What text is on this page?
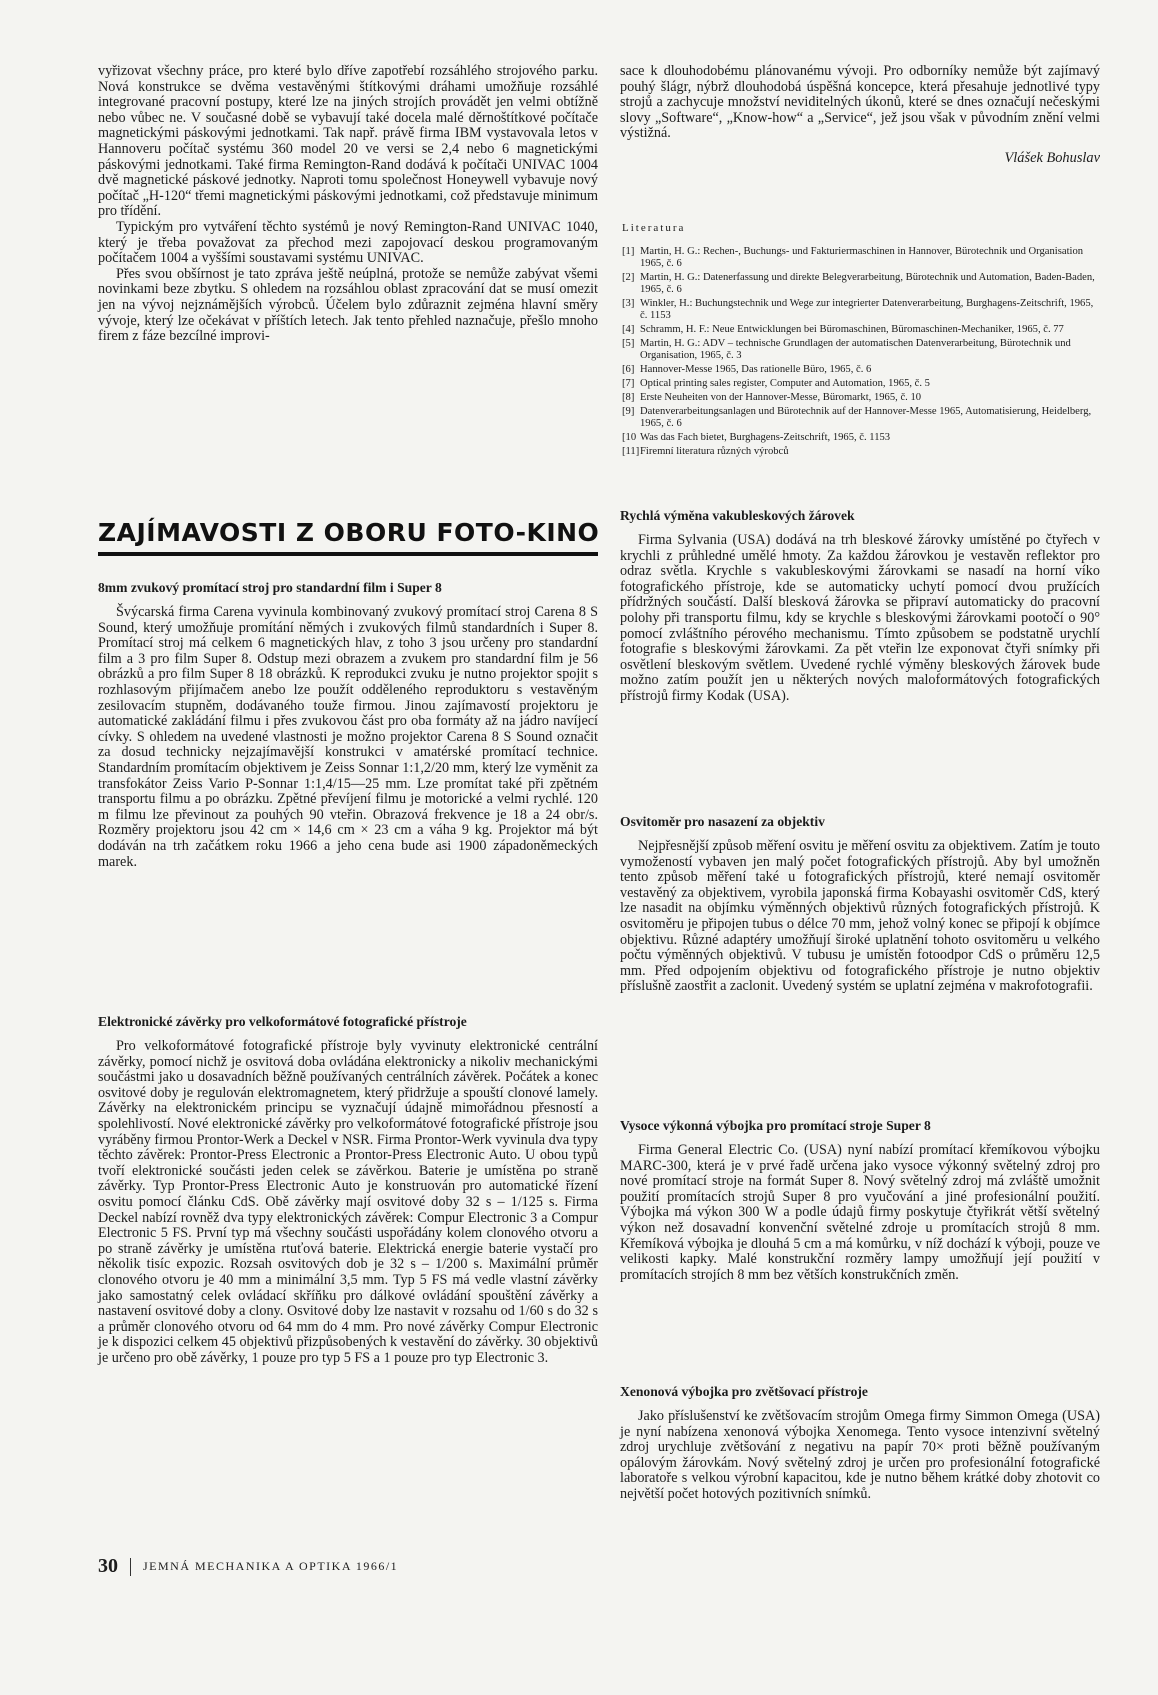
vyřizovat všechny práce, pro které bylo dříve zapotřebí rozsáhlého strojového parku. Nová konstrukce se dvěma vestavěnými štítkovými dráhami umožňuje rozsáhlé integrované pracovní postupy, které lze na jiných strojích provádět jen velmi obtížně nebo vůbec ne. V současné době se vybavují také docela malé děrnoštítkové počítače magnetickými páskovými jednotkami. Tak např. právě firma IBM vystavovala letos v Hannoveru počítač systému 360 model 20 ve versi se 2,4 nebo 6 magnetickými páskovými jednotkami. Také firma Remington-Rand dodává k počítači UNIVAC 1004 dvě magnetické páskové jednotky. Naproti tomu společnost Honeywell vybavuje nový počítač „H-120“ třemi magnetickými páskovými jednotkami, což představuje minimum pro třídění.

Typickým pro vytváření těchto systémů je nový Remington-Rand UNIVAC 1040, který je třeba považovat za přechod mezi zapojovací deskou programovaným počítačem 1004 a vyššími soustavami systému UNIVAC.

Přes svou obšírnost je tato zpráva ještě neúplná, protože se nemůže zabývat všemi novinkami beze zbytku. S ohledem na rozsáhlou oblast zpracování dat se musí omezit jen na vývoj nejznámějších výrobců. Účelem bylo zdůraznit zejména hlavní směry vývoje, který lze očekávat v příštích letech. Jak tento přehled naznačuje, přešlo mnoho firem z fáze bezcílné improvi-

ZAJÍMAVOSTI Z OBORU FOTO-KINO
8mm zvukový promítací stroj pro standardní film i Super 8

Švýcarská firma Carena vyvinula kombinovaný zvukový promítací stroj Carena 8 S Sound, který umožňuje promítání němých i zvukových filmů standardních i Super 8. Promítací stroj má celkem 6 magnetických hlav, z toho 3 jsou určeny pro standardní film a 3 pro film Super 8. Odstup mezi obrazem a zvukem pro standardní film je 56 obrázků a pro film Super 8 18 obrázků. K reprodukci zvuku je nutno projektor spojit s rozhlasovým přijímačem anebo lze použít odděleného reproduktoru s vestavěným zesilovacím stupněm, dodávaného touže firmou. Jinou zajímavostí projektoru je automatické zakládání filmu i přes zvukovou část pro oba formáty až na jádro navíjecí cívky. S ohledem na uvedené vlastnosti je možno projektor Carena 8 S Sound označit za dosud technicky nejzajímavější konstrukci v amatérské promítací technice. Standardním promítacím objektivem je Zeiss Sonnar 1:1,2/20 mm, který lze vyměnit za transfokátor Zeiss Vario P-Sonnar 1:1,4/15—25 mm. Lze promítat také při zpětném transportu filmu a po obrázku. Zpětné převíjení filmu je motorické a velmi rychlé. 120 m filmu lze převinout za pouhých 90 vteřin. Obrazová frekvence je 18 a 24 obr/s. Rozměry projektoru jsou 42 cm × 14,6 cm × 23 cm a váha 9 kg. Projektor má být dodáván na trh začátkem roku 1966 a jeho cena bude asi 1900 západoněmeckých marek.

Elektronické závěrky pro velkoformátové fotografické přístroje

Pro velkoformátové fotografické přístroje byly vyvinuty elektronické centrální závěrky, pomocí nichž je osvitová doba ovládána elektronicky a nikoliv mechanickými součástmi jako u dosavadních běžně používaných centrálních závěrek. Počátek a konec osvitové doby je regulován elektromagnetem, který přidržuje a spouští clonové lamely. Závěrky na elektronickém principu se vyznačují údajně mimořádnou přesností a spolehlivostí. Nové elektronické závěrky pro velkoformátové fotografické přístroje jsou vyráběny firmou Prontor-Werk a Deckel v NSR. Firma Prontor-Werk vyvinula dva typy těchto závěrek: Prontor-Press Electronic a Prontor-Press Electronic Auto. U obou typů tvoří elektronické součásti jeden celek se závěrkou. Baterie je umístěna po straně závěrky. Typ Prontor-Press Electronic Auto je konstruován pro automatické řízení osvitu pomocí článku CdS. Obě závěrky mají osvitové doby 32 s – 1/125 s. Firma Deckel nabízí rovněž dva typy elektronických závěrek: Compur Electronic 3 a Compur Electronic 5 FS. První typ má všechny součásti uspořádány kolem clonového otvoru a po straně závěrky je umístěna rtuťová baterie. Elektrická energie baterie vystačí pro několik tisíc expozic. Rozsah osvitových dob je 32 s – 1/200 s. Maximální průměr clonového otvoru je 40 mm a minimální 3,5 mm. Typ 5 FS má vedle vlastní závěrky jako samostatný celek ovládací skříňku pro dálkové ovládání spouštění závěrky a nastavení osvitové doby a clony. Osvitové doby lze nastavit v rozsahu od 1/60 s do 32 s a průměr clonového otvoru od 64 mm do 4 mm. Pro nové závěrky Compur Electronic je k dispozici celkem 45 objektivů přizpůsobených k vestavění do závěrky. 30 objektivů je určeno pro obě závěrky, 1 pouze pro typ 5 FS a 1 pouze pro typ Electronic 3.

sace k dlouhodobému plánovanému vývoji. Pro odborníky nemůže být zajímavý pouhý šlágr, nýbrž dlouhodobá úspěšná koncepce, která přesahuje jednotlivé typy strojů a zachycuje množství neviditelných úkonů, které se dnes označují nečeskými slovy „Software“, „Know-how“ a „Service“, jež jsou však v původním znění velmi výstižná.

Vlášek Bohuslav
Literatura
[1] Martin, H. G.: Rechen-, Buchungs- und Fakturiermaschinen in Hannover, Bürotechnik und Organisation 1965, č. 6
[2] Martin, H. G.: Datenerfassung und direkte Belegverarbeitung, Bürotechnik und Automation, Baden-Baden, 1965, č. 6
[3] Winkler, H.: Buchungstechnik und Wege zur integrierter Datenverarbeitung, Burghagens-Zeitschrift, 1965, č. 1153
[4] Schramm, H. F.: Neue Entwicklungen bei Büromaschinen, Büromaschinen-Mechaniker, 1965, č. 77
[5] Martin, H. G.: ADV – technische Grundlagen der automatischen Datenverarbeitung, Bürotechnik und Organisation, 1965, č. 3
[6] Hannover-Messe 1965, Das rationelle Büro, 1965, č. 6
[7] Optical printing sales register, Computer and Automation, 1965, č. 5
[8] Erste Neuheiten von der Hannover-Messe, Büromarkt, 1965, č. 10
[9] Datenverarbeitungsanlagen und Bürotechnik auf der Hannover-Messe 1965, Automatisierung, Heidelberg, 1965, č. 6
[10 Was das Fach bietet, Burghagens-Zeitschrift, 1965, č. 1153
[11] Firemní literatura různých výrobců
Rychlá výměna vakubleskových žárovek

Firma Sylvania (USA) dodává na trh bleskové žárovky umístěné po čtyřech v krychli z průhledné umělé hmoty. Za každou žárovkou je vestavěn reflektor pro odraz světla. Krychle s vakubleskovými žárovkami se nasadí na horní víko fotografického přístroje, kde se automaticky uchytí pomocí dvou pružících přídržných součástí. Další blesková žárovka se připraví automaticky do pracovní polohy při transportu filmu, kdy se krychle s bleskovými žárovkami pootočí o 90° pomocí zvláštního pérového mechanismu. Tímto způsobem se podstatně urychlí fotografie s bleskovými žárovkami. Za pět vteřin lze exponovat čtyři snímky při osvětlení bleskovým světlem. Uvedené rychlé výměny bleskových žárovek bude možno zatím použít jen u některých nových maloformátových fotografických přístrojů firmy Kodak (USA).

Osvitoměr pro nasazení za objektiv

Nejpřesnější způsob měření osvitu je měření osvitu za objektivem. Zatím je touto vymožeností vybaven jen malý počet fotografických přístrojů. Aby byl umožněn tento způsob měření také u fotografických přístrojů, které nemají osvitoměr vestavěný za objektivem, vyrobila japonská firma Kobayashi osvitoměr CdS, který lze nasadit na objímku výměnných objektivů různých fotografických přístrojů. K osvitoměru je připojen tubus o délce 70 mm, jehož volný konec se připojí k objímce objektivu. Různé adaptéry umožňují široké uplatnění tohoto osvitoměru u velkého počtu výměnných objektivů. V tubusu je umístěn fotoodpor CdS o průměru 12,5 mm. Před odpojením objektivu od fotografického přístroje je nutno objektiv příslušně zaostřit a zaclonit. Uvedený systém se uplatní zejména v makrofotografii.

Vysoce výkonná výbojka pro promítací stroje Super 8

Firma General Electric Co. (USA) nyní nabízí promítací křemíkovou výbojku MARC-300, která je v prvé řadě určena jako vysoce výkonný světelný zdroj pro nové promítací stroje na formát Super 8. Nový světelný zdroj má zvláště umožnit použití promítacích strojů Super 8 pro vyučování a jiné profesionální použití. Výbojka má výkon 300 W a podle údajů firmy poskytuje čtyřikrát větší světelný výkon než dosavadní konvenční světelné zdroje u promítacích strojů 8 mm. Křemíková výbojka je dlouhá 5 cm a má komůrku, v níž dochází k výboji, pouze ve velikosti kapky. Malé konstrukční rozměry lampy umožňují její použití v promítacích strojích 8 mm bez větších konstrukčních změn.

Xenonová výbojka pro zvětšovací přístroje

Jako příslušenství ke zvětšovacím strojům Omega firmy Simmon Omega (USA) je nyní nabízena xenonová výbojka Xenomega. Tento vysoce intenzivní světelný zdroj urychluje zvětšování z negativu na papír 70× proti běžně používaným opálovým žárovkám. Nový světelný zdroj je určen pro profesionální fotografické laboratoře s velkou výrobní kapacitou, kde je nutno během krátké doby zhotovit co největší počet hotových pozitivních snímků.

30 JEMNÁ MECHANIKA A OPTIKA 1966/1
